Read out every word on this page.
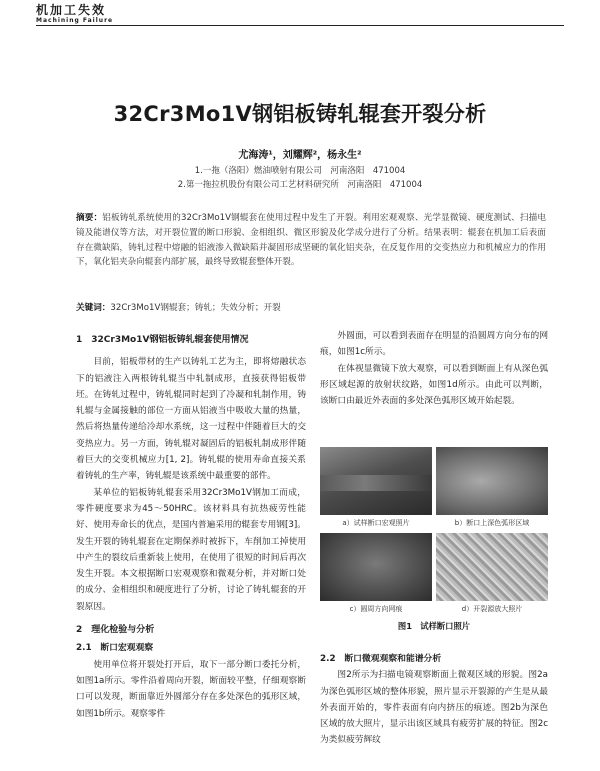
机加工失效
Machining Failure
32Cr3Mo1V钢铝板铸轧辊套开裂分析
尤海涛¹，刘耀辉²，杨永生²
1.一拖（洛阳）燃油喷射有限公司　河南洛阳　471004
2.第一拖拉机股份有限公司工艺材料研究所　河南洛阳　471004
摘要：铝板铸轧系统使用的32Cr3Mo1V钢辊套在使用过程中发生了开裂。利用宏观观察、光学显微镜、硬度测试、扫描电镜及能谱仪等方法，对开裂位置的断口形貌、金相组织、微区形貌及化学成分进行了分析。结果表明：辊套在机加工后表面存在微缺陷，铸轧过程中熔融的铝液渗入微缺陷并凝固形成坚硬的氧化铝夹杂，在反复作用的交变热应力和机械应力的作用下，氧化铝夹杂向辊套内部扩展，最终导致辊套整体开裂。
关键词：32Cr3Mo1V钢辊套；铸轧；失效分析；开裂
1　32Cr3Mo1V钢铝板铸轧辊套使用情况

目前，铝板带材的生产以铸轧工艺为主，即将熔融状态下的铝液注入两根铸轧辊当中轧制成形，直接获得铝板带坯。在铸轧过程中，铸轧辊同时起到了冷凝和轧制作用，铸轧辊与金属接触的部位一方面从铝液当中吸收大量的热量，然后将热量传递给冷却水系统，这一过程中伴随着巨大的交变热应力。另一方面，铸轧辊对凝固后的铝板轧制成形伴随着巨大的交变机械应力[1, 2]。铸轧辊的使用寿命直接关系着铸轧的生产率，铸轧辊是该系统中最重要的部件。

某单位的铝板铸轧辊套采用32Cr3Mo1V钢加工而成，零件硬度要求为45～50HRC。该材料具有抗热疲劳性能好、使用寿命长的优点，是国内普遍采用的辊套专用钢[3]。发生开裂的铸轧辊套在定期保养时被拆下，车削加工掉使用中产生的裂纹后重新装上使用，在使用了很短的时间后再次发生开裂。本文根据断口宏观观察和微观分析，并对断口处的成分、金相组织和硬度进行了分析，讨论了铸轧辊套的开裂原因。

2　理化检验与分析
2.1　断口宏观观察

使用单位将开裂处打开后，取下一部分断口委托分析，如图1a所示。零件沿着周向开裂，断面较平整，仔细观察断口可以发现，断面靠近外圆部分存在多处深色的弧形区域，如图1b所示。观察零件

外圆面，可以看到表面存在明显的沿圆周方向分布的网痕，如图1c所示。

在体视显微镜下放大观察，可以看到断面上有从深色弧形区域起源的放射状纹路，如图1d所示。由此可以判断，该断口由最近外表面的多处深色弧形区域开始起裂。

a）试样断口宏观照片	b）断口上深色弧形区域
c）圆周方向网痕	d）开裂源放大照片
图1　试样断口照片
2.2　断口微观观察和能谱分析

图2所示为扫描电镜观察断面上微观区域的形貌。图2a为深色弧形区域的整体形貌，照片显示开裂源的产生是从最外表面开始的，零件表面有向内挤压的痕迹。图2b为深色区域的放大照片，显示出该区域具有疲劳扩展的特征。图2c为类似疲劳辉纹
